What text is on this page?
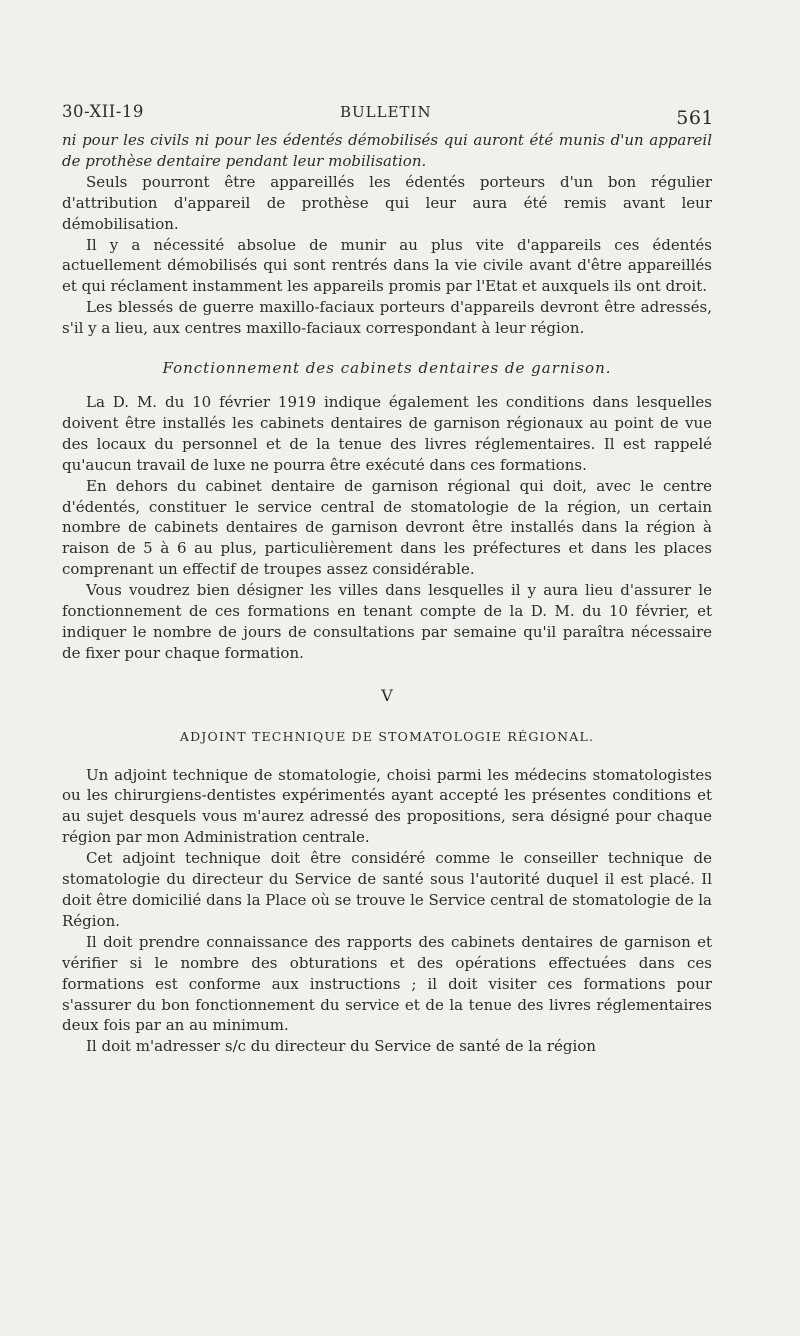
30-XII-19	BULLETIN	561

ni pour les civils ni pour les édentés démobilisés qui auront été munis d'un appareil de prothèse dentaire pendant leur mobilisation.

Seuls pourront être appareillés les édentés porteurs d'un bon régulier d'attribution d'appareil de prothèse qui leur aura été remis avant leur démobilisation.

Il y a nécessité absolue de munir au plus vite d'appareils ces édentés actuellement démobilisés qui sont rentrés dans la vie civile avant d'être appareillés et qui réclament instamment les appareils promis par l'Etat et auxquels ils ont droit.

Les blessés de guerre maxillo-faciaux porteurs d'appareils devront être adressés, s'il y a lieu, aux centres maxillo-faciaux correspondant à leur région.

Fonctionnement des cabinets dentaires de garnison.

La D. M. du 10 février 1919 indique également les conditions dans lesquelles doivent être installés les cabinets dentaires de garnison régionaux au point de vue des locaux du personnel et de la tenue des livres réglementaires. Il est rappelé qu'aucun travail de luxe ne pourra être exécuté dans ces formations.

En dehors du cabinet dentaire de garnison régional qui doit, avec le centre d'édentés, constituer le service central de stomatologie de la région, un certain nombre de cabinets dentaires de garnison devront être installés dans la région à raison de 5 à 6 au plus, particulièrement dans les préfectures et dans les places comprenant un effectif de troupes assez considérable.

Vous voudrez bien désigner les villes dans lesquelles il y aura lieu d'assurer le fonctionnement de ces formations en tenant compte de la D. M. du 10 février, et indiquer le nombre de jours de consultations par semaine qu'il paraîtra nécessaire de fixer pour chaque formation.

V
ADJOINT TECHNIQUE DE STOMATOLOGIE RÉGIONAL.

Un adjoint technique de stomatologie, choisi parmi les médecins stomatologistes ou les chirurgiens-dentistes expérimentés ayant accepté les présentes conditions et au sujet desquels vous m'aurez adressé des propositions, sera désigné pour chaque région par mon Administration centrale.

Cet adjoint technique doit être considéré comme le conseiller technique de stomatologie du directeur du Service de santé sous l'autorité duquel il est placé. Il doit être domicilié dans la Place où se trouve le Service central de stomatologie de la Région.

Il doit prendre connaissance des rapports des cabinets dentaires de garnison et vérifier si le nombre des obturations et des opérations effectuées dans ces formations est conforme aux instructions ; il doit visiter ces formations pour s'assurer du bon fonctionnement du service et de la tenue des livres réglementaires deux fois par an au minimum.

Il doit m'adresser s/c du directeur du Service de santé de la région
